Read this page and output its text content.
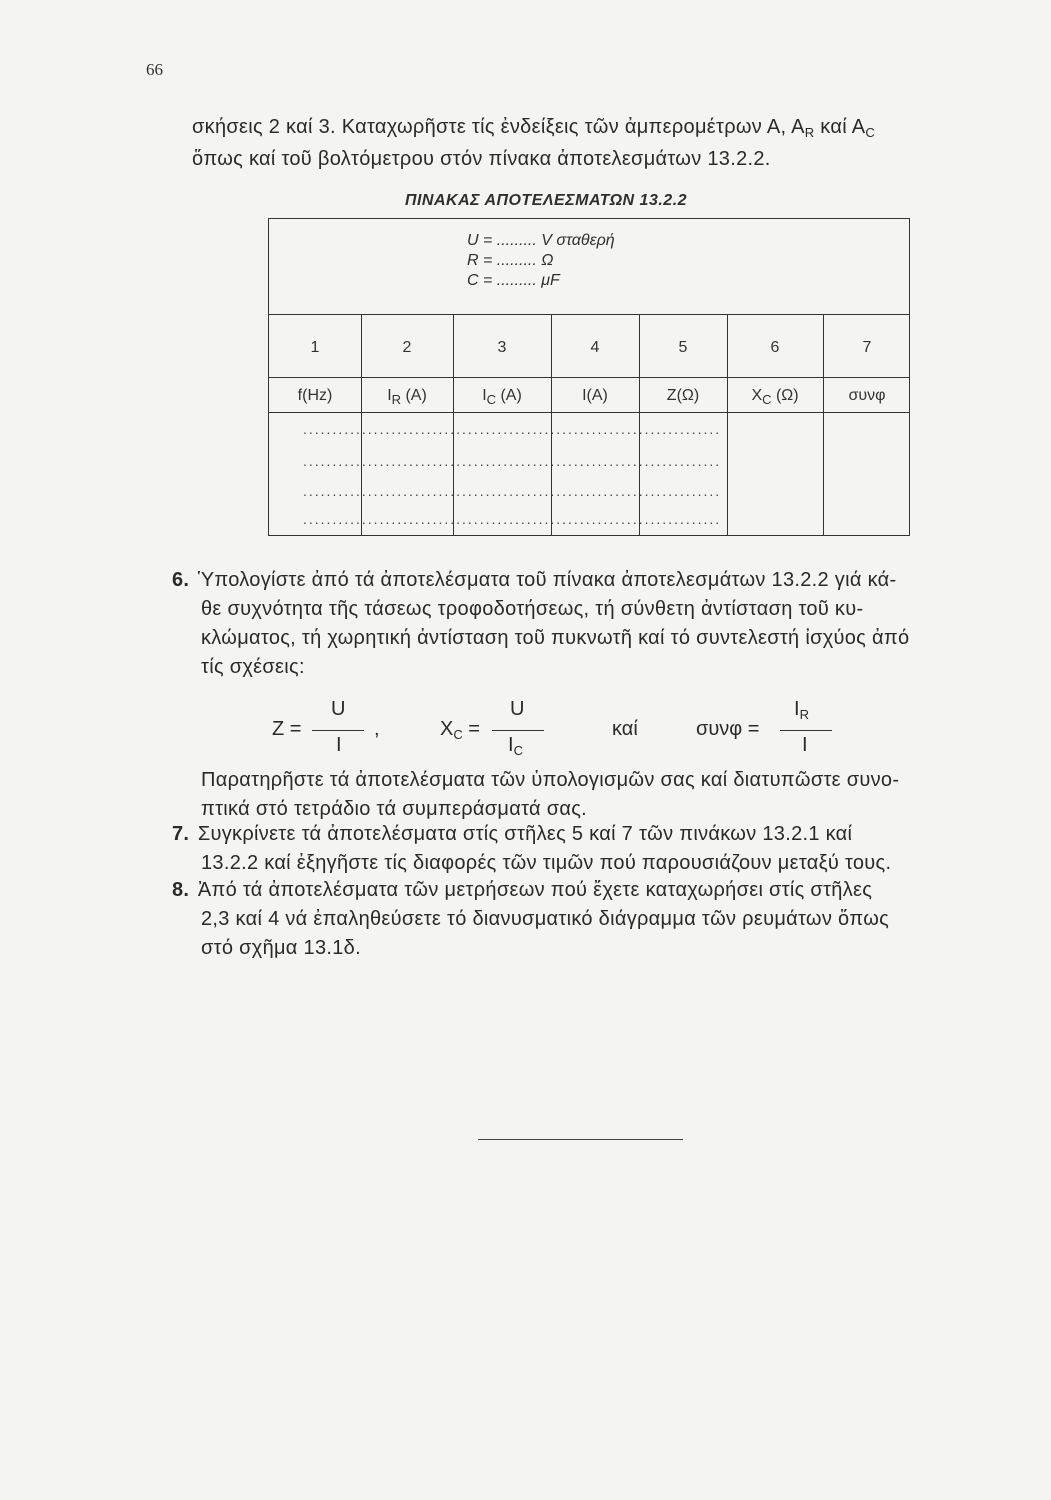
66
σκήσεις 2 καί 3. Καταχωρῆστε τίς ἐνδείξεις τῶν ἀμπερομέτρων Α, $A_R$ καί $A_C$
ὅπως καί τοῦ βολτόμετρου στόν πίνακα ἀποτελεσμάτων 13.2.2.
ΠΙΝΑΚΑΣ ΑΠΟΤΕΛΕΣΜΑΤΩΝ 13.2.2
U = ......... V σταθερή
R = ......... Ω
C = ......... μF
1	2	3	4	5	6	7
f(Hz)	$I_R$ (A)	$I_C$ (A)	I(A)	Z(Ω)	$X_C$ (Ω)	συνφ
.......................................................................
.......................................................................
.......................................................................
.......................................................................
6. Ὑπολογίστε ἀπό τά ἀποτελέσματα τοῦ πίνακα ἀποτελεσμάτων 13.2.2 γιά κά-
θε συχνότητα τῆς τάσεως τροφοδοτήσεως, τή σύνθετη ἀντίσταση τοῦ κυ-
κλώματος, τή χωρητική ἀντίσταση τοῦ πυκνωτῆ καί τό συντελεστή ἰσχύος ἀπό
τίς σχέσεις:
Z =
U
I
,	$X_C$ =
U
$I_C$
καί	συνφ =
$I_R$
I
Παρατηρῆστε τά ἀποτελέσματα τῶν ὑπολογισμῶν σας καί διατυπῶστε συνο-
πτικά στό τετράδιο τά συμπεράσματά σας.
7. Συγκρίνετε τά ἀποτελέσματα στίς στῆλες 5 καί 7 τῶν πινάκων 13.2.1 καί
13.2.2 καί ἐξηγῆστε τίς διαφορές τῶν τιμῶν πού παρουσιάζουν μεταξύ τους.
8. Ἀπό τά ἀποτελέσματα τῶν μετρήσεων πού ἔχετε καταχωρήσει στίς στῆλες
2,3 καί 4 νά ἐπαληθεύσετε τό διανυσματικό διάγραμμα τῶν ρευμάτων ὅπως
στό σχῆμα 13.1δ.
